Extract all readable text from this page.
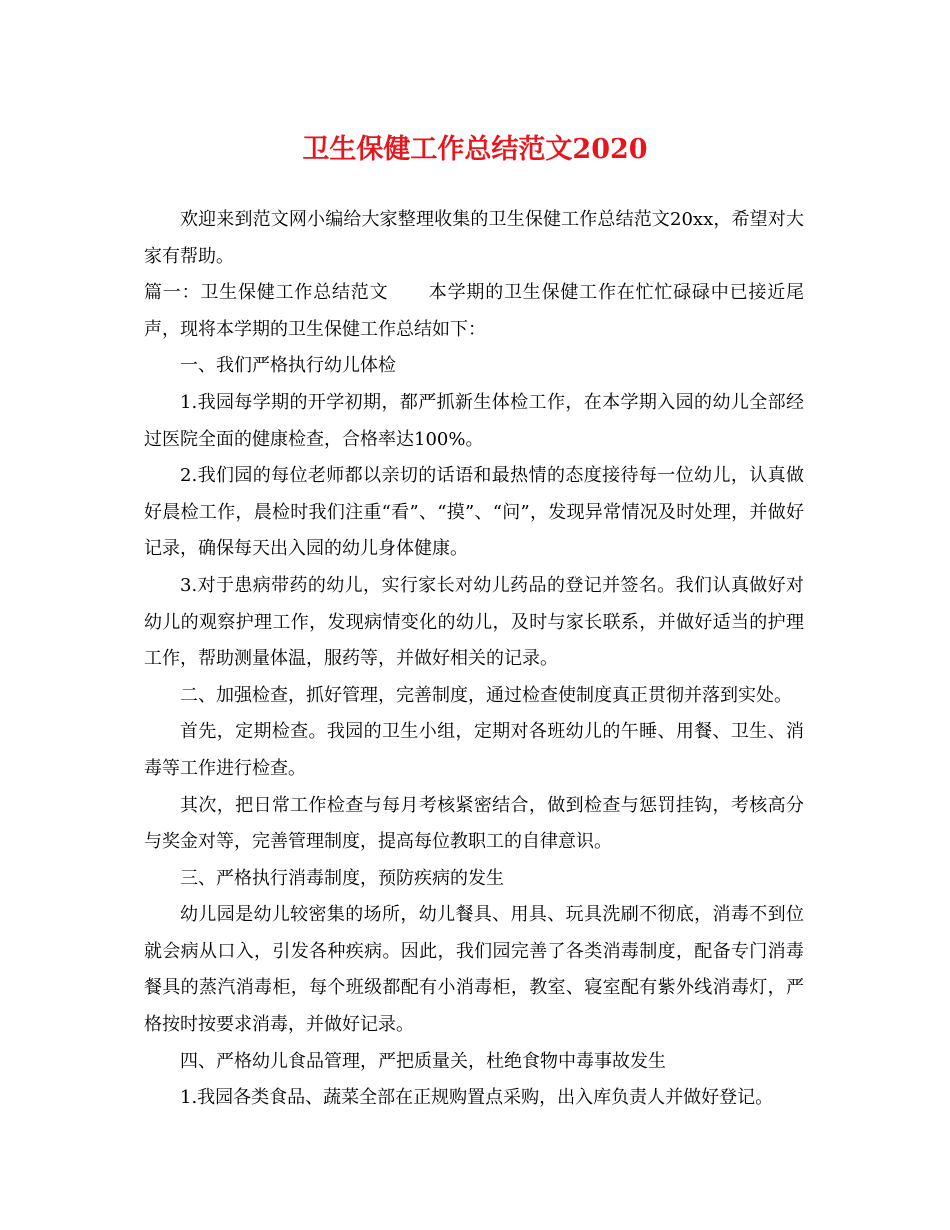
卫生保健工作总结范文2020

欢迎来到范文网小编给大家整理收集的卫生保健工作总结范文20xx，希望对大家有帮助。

篇一：卫生保健工作总结范文 本学期的卫生保健工作在忙忙碌碌中已接近尾声，现将本学期的卫生保健工作总结如下：

一、我们严格执行幼儿体检

1.我园每学期的开学初期，都严抓新生体检工作，在本学期入园的幼儿全部经过医院全面的健康检查，合格率达100%。

2.我们园的每位老师都以亲切的话语和最热情的态度接待每一位幼儿，认真做好晨检工作，晨检时我们注重“看”、“摸”、“问”，发现异常情况及时处理，并做好记录，确保每天出入园的幼儿身体健康。

3.对于患病带药的幼儿，实行家长对幼儿药品的登记并签名。我们认真做好对幼儿的观察护理工作，发现病情变化的幼儿，及时与家长联系，并做好适当的护理工作，帮助测量体温，服药等，并做好相关的记录。

二、加强检查，抓好管理，完善制度，通过检查使制度真正贯彻并落到实处。

首先，定期检查。我园的卫生小组，定期对各班幼儿的午睡、用餐、卫生、消毒等工作进行检查。

其次，把日常工作检查与每月考核紧密结合，做到检查与惩罚挂钩，考核高分与奖金对等，完善管理制度，提高每位教职工的自律意识。

三、严格执行消毒制度，预防疾病的发生

幼儿园是幼儿较密集的场所，幼儿餐具、用具、玩具洗刷不彻底，消毒不到位就会病从口入，引发各种疾病。因此，我们园完善了各类消毒制度，配备专门消毒餐具的蒸汽消毒柜，每个班级都配有小消毒柜，教室、寝室配有紫外线消毒灯，严格按时按要求消毒，并做好记录。

四、严格幼儿食品管理，严把质量关，杜绝食物中毒事故发生

1.我园各类食品、蔬菜全部在正规购置点采购，出入库负责人并做好登记。
